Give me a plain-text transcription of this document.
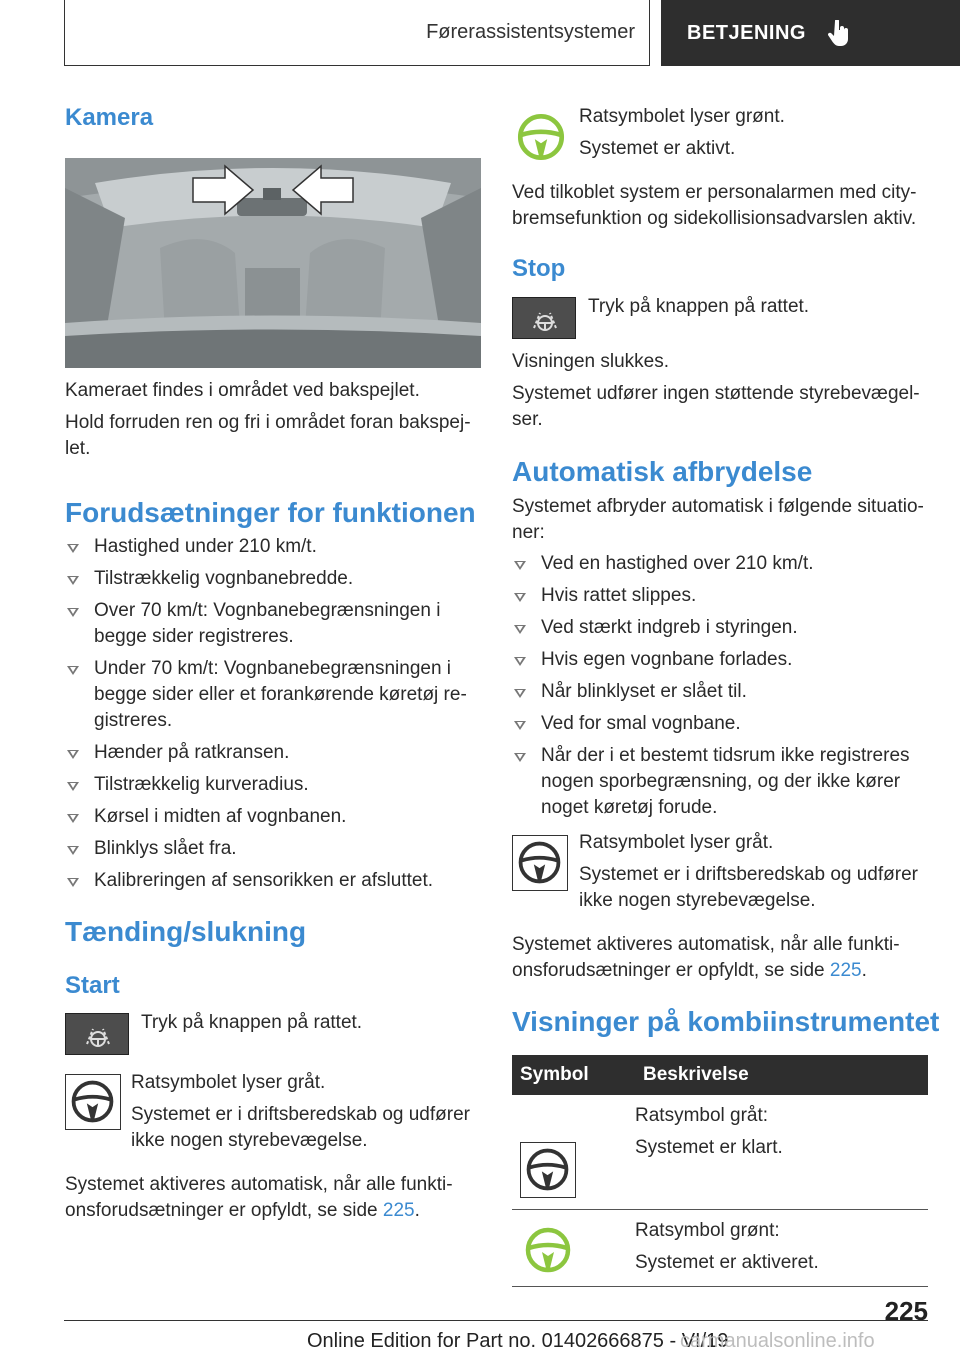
Førerassistentsystemer	BETJENING
Kamera

Kameraet findes i området ved bakspejlet.

Hold forruden ren og fri i området foran bakspej-

let.

Forudsætninger for funktionen
Hastighed under 210 km/t.
Tilstrækkelig vognbanebredde.
Over 70 km/t: Vognbanebegrænsningen i
begge sider registreres.
Under 70 km/t: Vognbanebegrænsningen i
begge sider eller et forankørende køretøj re-
gistreres.
Hænder på ratkransen.
Tilstrækkelig kurveradius.
Kørsel i midten af vognbanen.
Blinklys slået fra.
Kalibreringen af sensorikken er afsluttet.
Tænding/slukning
Start

Tryk på knappen på rattet.

Ratsymbolet lyser gråt.

Systemet er i driftsberedskab og udfører

ikke nogen styrebevægelse.

Systemet aktiveres automatisk, når alle funkti-

onsforudsætninger er opfyldt, se side 225.

Ratsymbolet lyser grønt.

Systemet er aktivt.

Ved tilkoblet system er personalarmen med city-

bremsefunktion og sidekollisionsadvarslen aktiv.

Stop

Tryk på knappen på rattet.

Visningen slukkes.

Systemet udfører ingen støttende styrebevægel-

ser.

Automatisk afbrydelse

Systemet afbryder automatisk i følgende situatio-

ner:

Ved en hastighed over 210 km/t.
Hvis rattet slippes.
Ved stærkt indgreb i styringen.
Hvis egen vognbane forlades.
Når blinklyset er slået til.
Ved for smal vognbane.
Når der i et bestemt tidsrum ikke registreres
nogen sporbegrænsning, og der ikke kører
noget køretøj forude.

Ratsymbolet lyser gråt.

Systemet er i driftsberedskab og udfører

ikke nogen styrebevægelse.

Systemet aktiveres automatisk, når alle funkti-

onsforudsætninger er opfyldt, se side 225.

Visninger på kombiinstrumentet
Symbol	Beskrivelse

Ratsymbol gråt:

Systemet er klart.

Ratsymbol grønt:

Systemet er aktiveret.

225
Online Edition for Part no. 01402666875 - VI/19
carmanualsonline.info
